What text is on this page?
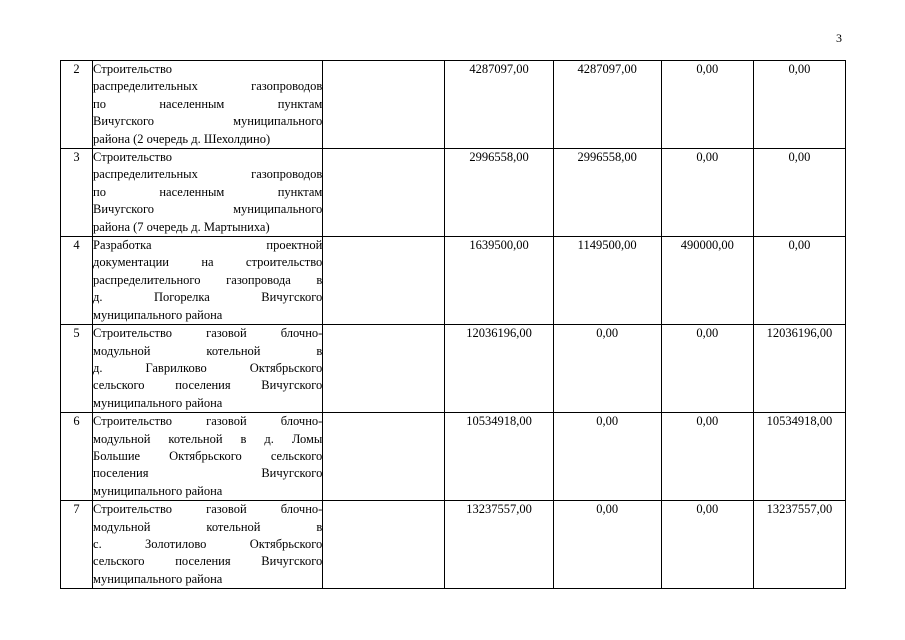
3
2	Строительство
распределительных газопроводов
по населенным пунктам
Вичугского муниципального
района (2 очередь д. Шехолдино)		4287097,00	4287097,00	0,00	0,00
3	Строительство
распределительных газопроводов
по населенным пунктам
Вичугского муниципального
района (7 очередь д. Мартыниха)		2996558,00	2996558,00	0,00	0,00
4	Разработка проектной
документации на строительство
распределительного газопровода в
д. Погорелка Вичугского
муниципального района		1639500,00	1149500,00	490000,00	0,00
5	Строительство газовой блочно-
модульной котельной в
д. Гаврилково Октябрьского
сельского поселения Вичугского
муниципального района		12036196,00	0,00	0,00	12036196,00
6	Строительство газовой блочно-
модульной котельной в д. Ломы
Большие Октябрьского сельского
поселения Вичугского
муниципального района		10534918,00	0,00	0,00	10534918,00
7	Строительство газовой блочно-
модульной котельной в
с. Золотилово Октябрьского
сельского поселения Вичугского
муниципального района		13237557,00	0,00	0,00	13237557,00
